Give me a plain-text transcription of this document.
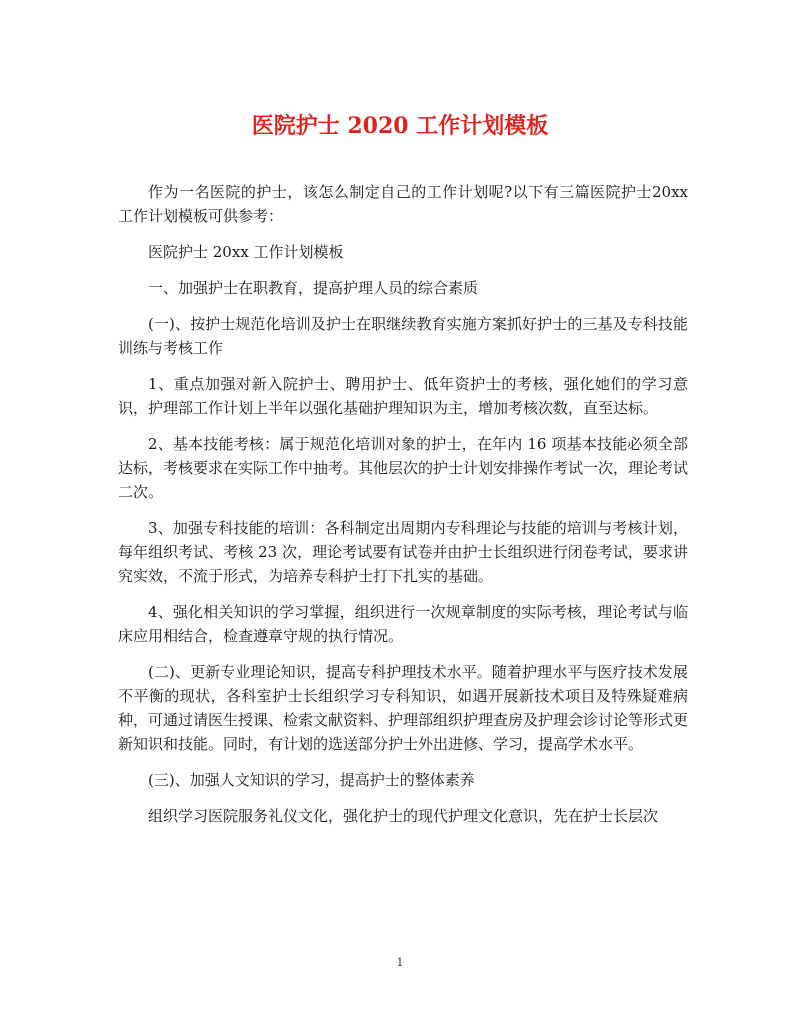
医院护士 2020 工作计划模板

作为一名医院的护士，该怎么制定自己的工作计划呢?以下有三篇医院护士20xx 工作计划模板可供参考：

医院护士 20xx 工作计划模板

一、加强护士在职教育，提高护理人员的综合素质

(一)、按护士规范化培训及护士在职继续教育实施方案抓好护士的三基及专科技能训练与考核工作

1、重点加强对新入院护士、聘用护士、低年资护士的考核，强化她们的学习意识，护理部工作计划上半年以强化基础护理知识为主，增加考核次数，直至达标。

2、基本技能考核：属于规范化培训对象的护士，在年内 16 项基本技能必须全部达标，考核要求在实际工作中抽考。其他层次的护士计划安排操作考试一次，理论考试二次。

3、加强专科技能的培训：各科制定出周期内专科理论与技能的培训与考核计划，每年组织考试、考核 23 次，理论考试要有试卷并由护士长组织进行闭卷考试，要求讲究实效，不流于形式，为培养专科护士打下扎实的基础。

4、强化相关知识的学习掌握，组织进行一次规章制度的实际考核，理论考试与临床应用相结合，检查遵章守规的执行情况。

(二)、更新专业理论知识，提高专科护理技术水平。随着护理水平与医疗技术发展不平衡的现状，各科室护士长组织学习专科知识，如遇开展新技术项目及特殊疑难病种，可通过请医生授课、检索文献资料、护理部组织护理查房及护理会诊讨论等形式更新知识和技能。同时，有计划的选送部分护士外出进修、学习，提高学术水平。

(三)、加强人文知识的学习，提高护士的整体素养

组织学习医院服务礼仪文化，强化护士的现代护理文化意识，先在护士长层次

1
